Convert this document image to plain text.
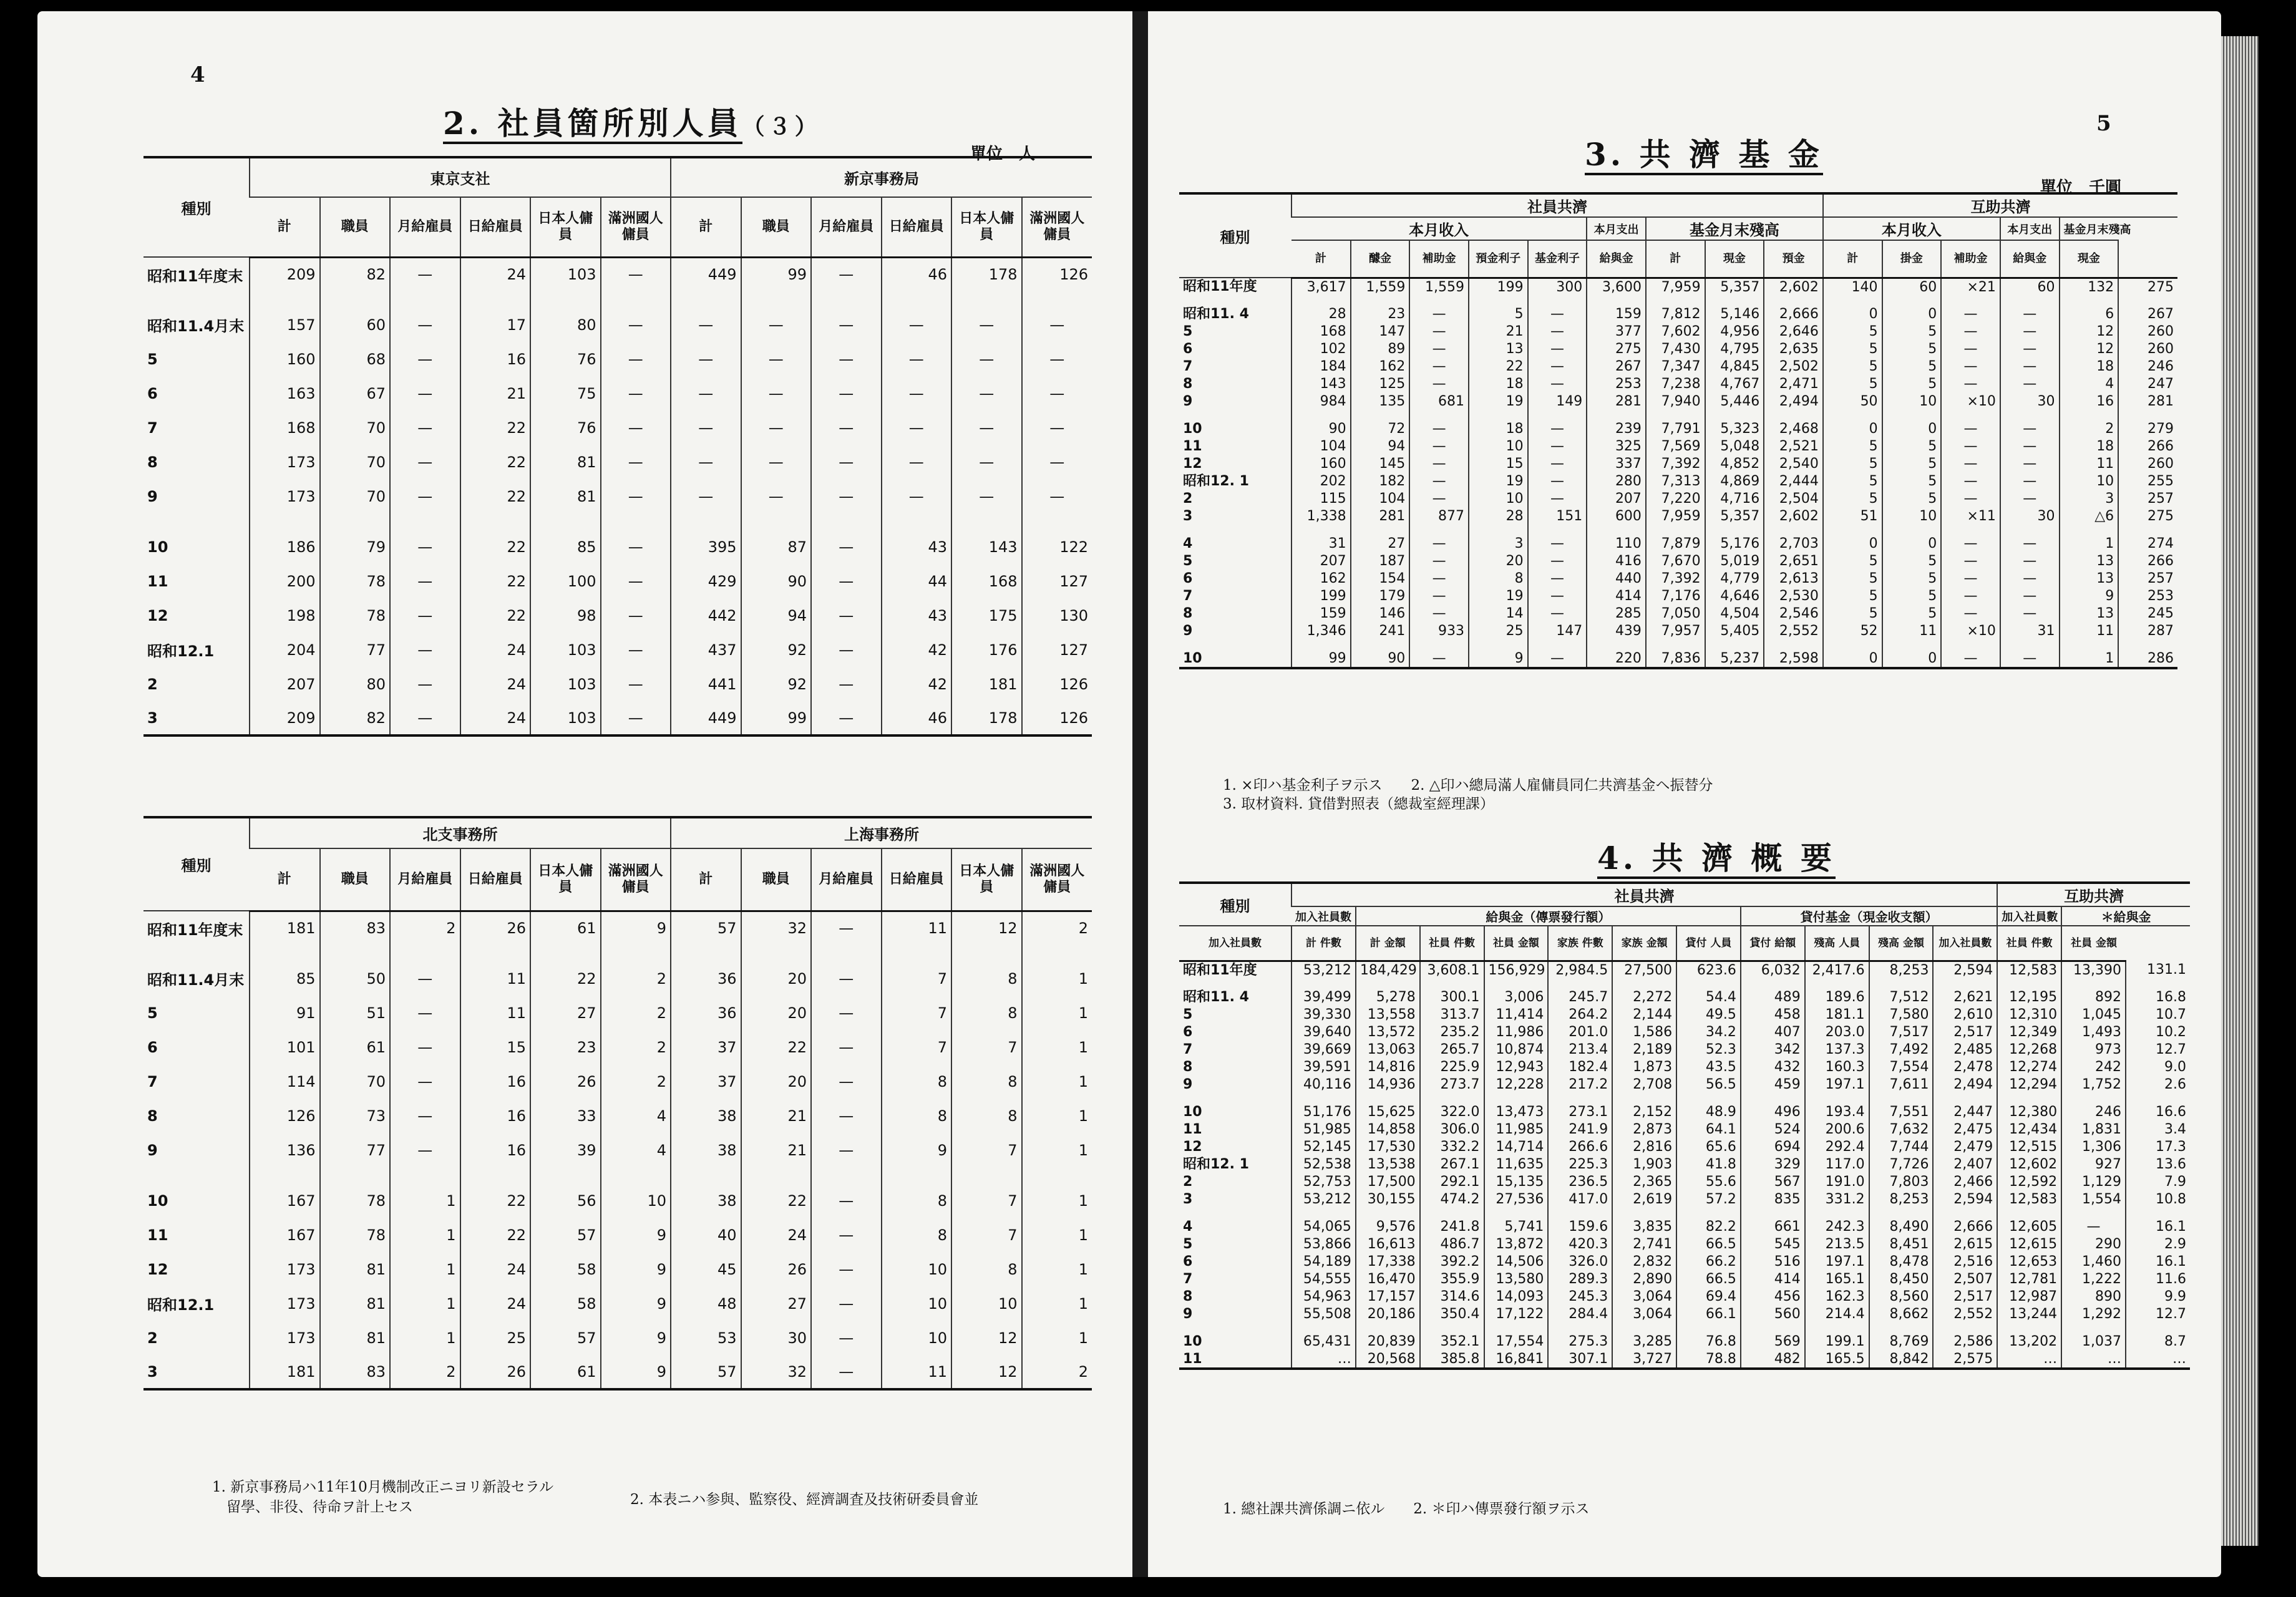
4
2. 社員箇所別人員（３）
單位　人
種別	東京支社						新京事務局					
	計	職員	月給雇員	日給雇員	日本人傭員	滿洲國人傭員	計	職員	月給雇員	日給雇員	日本人傭員	滿洲國人傭員
昭和11年度末	209	82	—	24	103	—	449	99	—	46	178	126

昭和11.4月末	157	60	—	17	80	—	—	—	—	—	—	—
5	160	68	—	16	76	—	—	—	—	—	—	—
6	163	67	—	21	75	—	—	—	—	—	—	—
7	168	70	—	22	76	—	—	—	—	—	—	—
8	173	70	—	22	81	—	—	—	—	—	—	—
9	173	70	—	22	81	—	—	—	—	—	—	—

10	186	79	—	22	85	—	395	87	—	43	143	122
11	200	78	—	22	100	—	429	90	—	44	168	127
12	198	78	—	22	98	—	442	94	—	43	175	130
昭和12.1	204	77	—	24	103	—	437	92	—	42	176	127
2	207	80	—	24	103	—	441	92	—	42	181	126
3	209	82	—	24	103	—	449	99	—	46	178	126
種別	北支事務所						上海事務所					
	計	職員	月給雇員	日給雇員	日本人傭員	滿洲國人傭員	計	職員	月給雇員	日給雇員	日本人傭員	滿洲國人傭員
昭和11年度末	181	83	2	26	61	9	57	32	—	11	12	2

昭和11.4月末	85	50	—	11	22	2	36	20	—	7	8	1
5	91	51	—	11	27	2	36	20	—	7	8	1
6	101	61	—	15	23	2	37	22	—	7	7	1
7	114	70	—	16	26	2	37	20	—	8	8	1
8	126	73	—	16	33	4	38	21	—	8	8	1
9	136	77	—	16	39	4	38	21	—	9	7	1

10	167	78	1	22	56	10	38	22	—	8	7	1
11	167	78	1	22	57	9	40	24	—	8	7	1
12	173	81	1	24	58	9	45	26	—	10	8	1
昭和12.1	173	81	1	24	58	9	48	27	—	10	10	1
2	173	81	1	25	57	9	53	30	—	10	12	1
3	181	83	2	26	61	9	57	32	—	11	12	2
1. 新京事務局ハ11年10月機制改正ニヨリ新設セラル
2. 本表ニハ参與、監察役、經濟調査及技術研委員會並
　留學、非役、待命ヲ計上セス
5
3. 共 濟 基 金
單位　千圓
種別	社員共濟									互助共濟					
	本月收入					本月支出	基金月末殘高			本月收入			本月支出	基金月末殘高	
	計	醵金	補助金	預金利子	基金利子	給與金	計	現金	預金	計	掛金	補助金	給與金	現金	
昭和11年度	3,617	1,559	1,559	199	300	3,600	7,959	5,357	2,602	140	60	×21	60	132	275

昭和11. 4	28	23	—	5	—	159	7,812	5,146	2,666	0	0	—	—	6	267
5	168	147	—	21	—	377	7,602	4,956	2,646	5	5	—	—	12	260
6	102	89	—	13	—	275	7,430	4,795	2,635	5	5	—	—	12	260
7	184	162	—	22	—	267	7,347	4,845	2,502	5	5	—	—	18	246
8	143	125	—	18	—	253	7,238	4,767	2,471	5	5	—	—	4	247
9	984	135	681	19	149	281	7,940	5,446	2,494	50	10	×10	30	16	281

10	90	72	—	18	—	239	7,791	5,323	2,468	0	0	—	—	2	279
11	104	94	—	10	—	325	7,569	5,048	2,521	5	5	—	—	18	266
12	160	145	—	15	—	337	7,392	4,852	2,540	5	5	—	—	11	260
昭和12. 1	202	182	—	19	—	280	7,313	4,869	2,444	5	5	—	—	10	255
2	115	104	—	10	—	207	7,220	4,716	2,504	5	5	—	—	3	257
3	1,338	281	877	28	151	600	7,959	5,357	2,602	51	10	×11	30	△6	275

4	31	27	—	3	—	110	7,879	5,176	2,703	0	0	—	—	1	274
5	207	187	—	20	—	416	7,670	5,019	2,651	5	5	—	—	13	266
6	162	154	—	8	—	440	7,392	4,779	2,613	5	5	—	—	13	257
7	199	179	—	19	—	414	7,176	4,646	2,530	5	5	—	—	9	253
8	159	146	—	14	—	285	7,050	4,504	2,546	5	5	—	—	13	245
9	1,346	241	933	25	147	439	7,957	5,405	2,552	52	11	×10	31	11	287

10	99	90	—	9	—	220	7,836	5,237	2,598	0	0	—	—	1	286
1. ×印ハ基金利子ヲ示ス　　2. △印ハ總局滿人雇傭員同仁共濟基金ヘ振替分
3. 取材資料. 貸借對照表（總裁室經理課）
4. 共 濟 概 要
種別	社員共濟											互助共濟		
	加入社員數	給與金（傳票發行額）						貸付基金（現金收支額）				加入社員數	＊給與金	
加入社員數	計 件數	計 金額	社員 件數	社員 金額	家族 件數	家族 金額	貸付 人員	貸付 給額	殘高 人員	殘高 金額	加入社員數	社員 件數	社員 金額	
昭和11年度	53,212	184,429	3,608.1	156,929	2,984.5	27,500	623.6	6,032	2,417.6	8,253	2,594	12,583	13,390	131.1

昭和11. 4	39,499	5,278	300.1	3,006	245.7	2,272	54.4	489	189.6	7,512	2,621	12,195	892	16.8
5	39,330	13,558	313.7	11,414	264.2	2,144	49.5	458	181.1	7,580	2,610	12,310	1,045	10.7
6	39,640	13,572	235.2	11,986	201.0	1,586	34.2	407	203.0	7,517	2,517	12,349	1,493	10.2
7	39,669	13,063	265.7	10,874	213.4	2,189	52.3	342	137.3	7,492	2,485	12,268	973	12.7
8	39,591	14,816	225.9	12,943	182.4	1,873	43.5	432	160.3	7,554	2,478	12,274	242	9.0
9	40,116	14,936	273.7	12,228	217.2	2,708	56.5	459	197.1	7,611	2,494	12,294	1,752	2.6

10	51,176	15,625	322.0	13,473	273.1	2,152	48.9	496	193.4	7,551	2,447	12,380	246	16.6
11	51,985	14,858	306.0	11,985	241.9	2,873	64.1	524	200.6	7,632	2,475	12,434	1,831	3.4
12	52,145	17,530	332.2	14,714	266.6	2,816	65.6	694	292.4	7,744	2,479	12,515	1,306	17.3
昭和12. 1	52,538	13,538	267.1	11,635	225.3	1,903	41.8	329	117.0	7,726	2,407	12,602	927	13.6
2	52,753	17,500	292.1	15,135	236.5	2,365	55.6	567	191.0	7,803	2,466	12,592	1,129	7.9
3	53,212	30,155	474.2	27,536	417.0	2,619	57.2	835	331.2	8,253	2,594	12,583	1,554	10.8

4	54,065	9,576	241.8	5,741	159.6	3,835	82.2	661	242.3	8,490	2,666	12,605	—	16.1
5	53,866	16,613	486.7	13,872	420.3	2,741	66.5	545	213.5	8,451	2,615	12,615	290	2.9
6	54,189	17,338	392.2	14,506	326.0	2,832	66.2	516	197.1	8,478	2,516	12,653	1,460	16.1
7	54,555	16,470	355.9	13,580	289.3	2,890	66.5	414	165.1	8,450	2,507	12,781	1,222	11.6
8	54,963	17,157	314.6	14,093	245.3	3,064	69.4	456	162.3	8,560	2,517	12,987	890	9.9
9	55,508	20,186	350.4	17,122	284.4	3,064	66.1	560	214.4	8,662	2,552	13,244	1,292	12.7

10	65,431	20,839	352.1	17,554	275.3	3,285	76.8	569	199.1	8,769	2,586	13,202	1,037	8.7
11	…	20,568	385.8	16,841	307.1	3,727	78.8	482	165.5	8,842	2,575	…	…	…
1. 總社課共濟係調ニ依ル　　2. ＊印ハ傳票發行額ヲ示ス
